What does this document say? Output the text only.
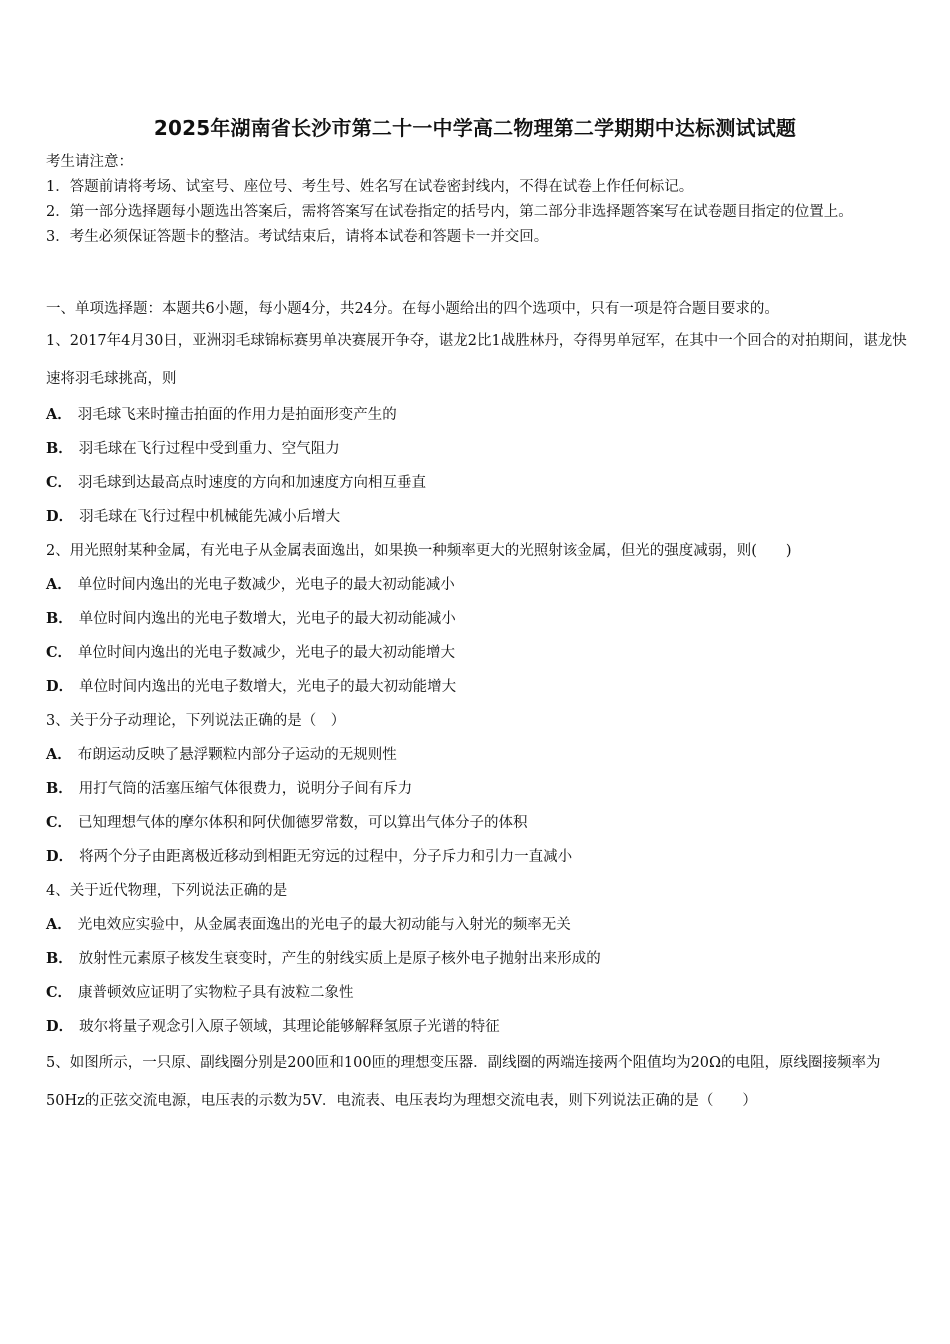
2025年湖南省长沙市第二十一中学高二物理第二学期期中达标测试试题

考生请注意：

1．答题前请将考场、试室号、座位号、考生号、姓名写在试卷密封线内，不得在试卷上作任何标记。

2．第一部分选择题每小题选出答案后，需将答案写在试卷指定的括号内，第二部分非选择题答案写在试卷题目指定的位置上。

3．考生必须保证答题卡的整洁。考试结束后，请将本试卷和答题卡一并交回。

一、单项选择题：本题共6小题，每小题4分，共24分。在每小题给出的四个选项中，只有一项是符合题目要求的。

1、2017年4月30日，亚洲羽毛球锦标赛男单决赛展开争夺，谌龙2比1战胜林丹，夺得男单冠军，在其中一个回合的对拍期间，谌龙快速将羽毛球挑高，则

A． 羽毛球飞来时撞击拍面的作用力是拍面形变产生的

B． 羽毛球在飞行过程中受到重力、空气阻力

C． 羽毛球到达最高点时速度的方向和加速度方向相互垂直

D． 羽毛球在飞行过程中机械能先减小后增大

2、用光照射某种金属，有光电子从金属表面逸出，如果换一种频率更大的光照射该金属，但光的强度减弱，则(　　)

A． 单位时间内逸出的光电子数减少，光电子的最大初动能减小

B． 单位时间内逸出的光电子数增大，光电子的最大初动能减小

C． 单位时间内逸出的光电子数减少，光电子的最大初动能增大

D． 单位时间内逸出的光电子数增大，光电子的最大初动能增大

3、关于分子动理论，下列说法正确的是（　）

A． 布朗运动反映了悬浮颗粒内部分子运动的无规则性

B． 用打气筒的活塞压缩气体很费力，说明分子间有斥力

C． 已知理想气体的摩尔体积和阿伏伽德罗常数，可以算出气体分子的体积

D． 将两个分子由距离极近移动到相距无穷远的过程中，分子斥力和引力一直减小

4、关于近代物理，下列说法正确的是

A． 光电效应实验中，从金属表面逸出的光电子的最大初动能与入射光的频率无关

B． 放射性元素原子核发生衰变时，产生的射线实质上是原子核外电子抛射出来形成的

C． 康普顿效应证明了实物粒子具有波粒二象性

D． 玻尔将量子观念引入原子领域，其理论能够解释氢原子光谱的特征

5、如图所示，一只原、副线圈分别是200匝和100匝的理想变压器．副线圈的两端连接两个阻值均为20Ω的电阻，原线圈接频率为50Hz的正弦交流电源，电压表的示数为5V．电流表、电压表均为理想交流电表，则下列说法正确的是（　　）
